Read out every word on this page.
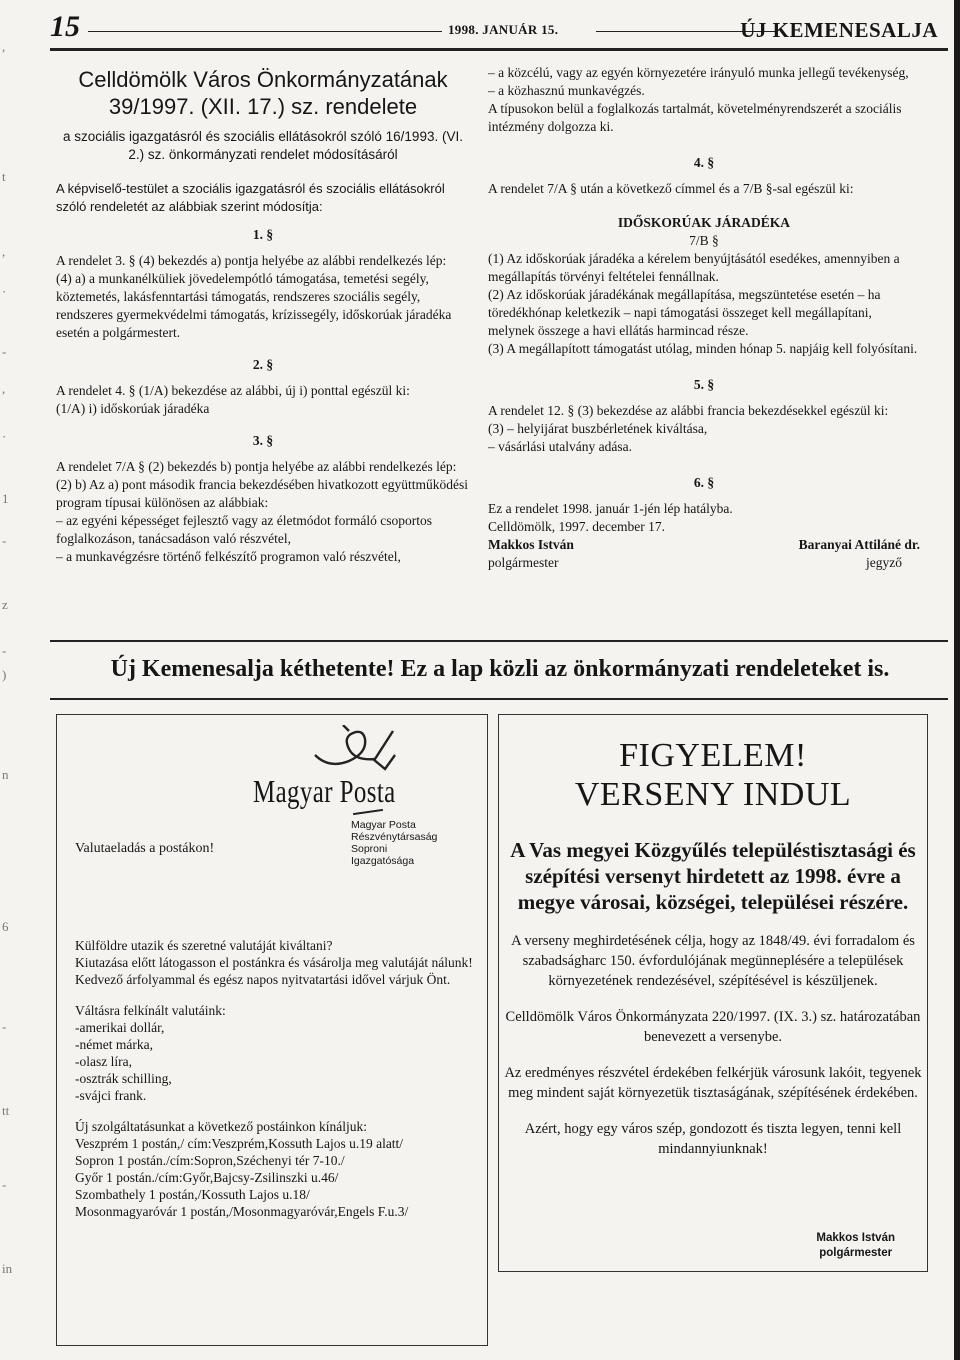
,
t
,
·
-
,
·
1
-
z
-
)
n
6
-
tt
-
in
15	1998. JANUÁR 15.	ÚJ KEMENESALJA
Celldömölk Város Önkormányzatának
39/1997. (XII. 17.) sz. rendelete
a szociális igazgatásról és szociális ellátásokról szóló 16/1993. (VI. 2.) sz. önkormányzati rendelet módosításáról

A képviselő-testület a szociális igazgatásról és szociális ellátásokról szóló rendeletét az alábbiak szerint módosítja:

1. §

A rendelet 3. § (4) bekezdés a) pontja helyébe az alábbi rendelkezés lép:

(4) a) a munkanélküliek jövedelempótló támogatása, temetési segély, köztemetés, lakásfenntartási támogatás, rendszeres szociális segély, rendszeres gyermekvédelmi támogatás, krízissegély, időskorúak járadéka esetén a polgármestert.

2. §

A rendelet 4. § (1/A) bekezdése az alábbi, új i) ponttal egészül ki:

(1/A) i) időskorúak járadéka

3. §

A rendelet 7/A § (2) bekezdés b) pontja helyébe az alábbi rendelkezés lép:

(2) b) Az a) pont második francia bekezdésében hivatkozott együttműködési program típusai különösen az alábbiak:

– az egyéni képességet fejlesztő vagy az életmódot formáló csoportos foglalkozáson, tanácsadáson való részvétel,

– a munkavégzésre történő felkészítő programon való részvétel,

– a közcélú, vagy az egyén környezetére irányuló munka jellegű tevékenység,

– a közhasznú munkavégzés.

A típusokon belül a foglalkozás tartalmát, követelményrendszerét a szociális intézmény dolgozza ki.

4. §

A rendelet 7/A § után a következő címmel és a 7/B §-sal egészül ki:

IDŐSKORÚAK JÁRADÉKA
7/B §

(1) Az időskorúak járadéka a kérelem benyújtásától esedékes, amennyiben a megállapítás törvényi feltételei fennállnak.

(2) Az időskorúak járadékának megállapítása, megszüntetése esetén – ha töredékhónap keletkezik – napi támogatási összeget kell megállapítani, melynek összege a havi ellátás harmincad része.

(3) A megállapított támogatást utólag, minden hónap 5. napjáig kell folyósítani.

5. §

A rendelet 12. § (3) bekezdése az alábbi francia bekezdésekkel egészül ki:

(3) – helyijárat buszbérletének kiváltása,

– vásárlási utalvány adása.

6. §

Ez a rendelet 1998. január 1-jén lép hatályba.

Celldömölk, 1997. december 17.

Makkos István	Baranyai Attiláné dr.
polgármester	jegyző
Új Kemenesalja kéthetente! Ez a lap közli az önkormányzati rendeleteket is.
Magyar Posta
Magyar Posta
Részvénytársaság
Soproni
Igazgatósága
Valutaeladás a postákon!

Külföldre utazik és szeretné valutáját kiváltani?

Kiutazása előtt látogasson el postánkra és vásárolja meg valutáját nálunk!

Kedvező árfolyammal és egész napos nyitvatartási idővel várjuk Önt.

Váltásra felkínált valutáink:

-amerikai dollár,

-német márka,

-olasz líra,

-osztrák schilling,

-svájci frank.

Új szolgáltatásunkat a következő postáinkon kínáljuk:

Veszprém 1 postán,/ cím:Veszprém,Kossuth Lajos u.19 alatt/

Sopron 1 postán./cím:Sopron,Széchenyi tér 7-10./

Győr 1 postán./cím:Győr,Bajcsy-Zsilinszki u.46/

Szombathely 1 postán,/Kossuth Lajos u.18/

Mosonmagyaróvár 1 postán,/Mosonmagyaróvár,Engels F.u.3/

FIGYELEM!
VERSENY INDUL
A Vas megyei Közgyűlés településtisztasági és szépítési versenyt hirdetett az 1998. évre a megye városai, községei, települései részére.

A verseny meghirdetésének célja, hogy az 1848/49. évi forradalom és szabadságharc 150. évfordulójának megünneplésére a települések környezetének rendezésével, szépítésével is készüljenek.

Celldömölk Város Önkormányzata 220/1997. (IX. 3.) sz. határozatában benevezett a versenybe.

Az eredményes részvétel érdekében felkérjük városunk lakóit, tegyenek meg mindent saját környezetük tisztaságának, szépítésének érdekében.

Azért, hogy egy város szép, gondozott és tiszta legyen, tenni kell mindannyiunknak!

Makkos István
polgármester
